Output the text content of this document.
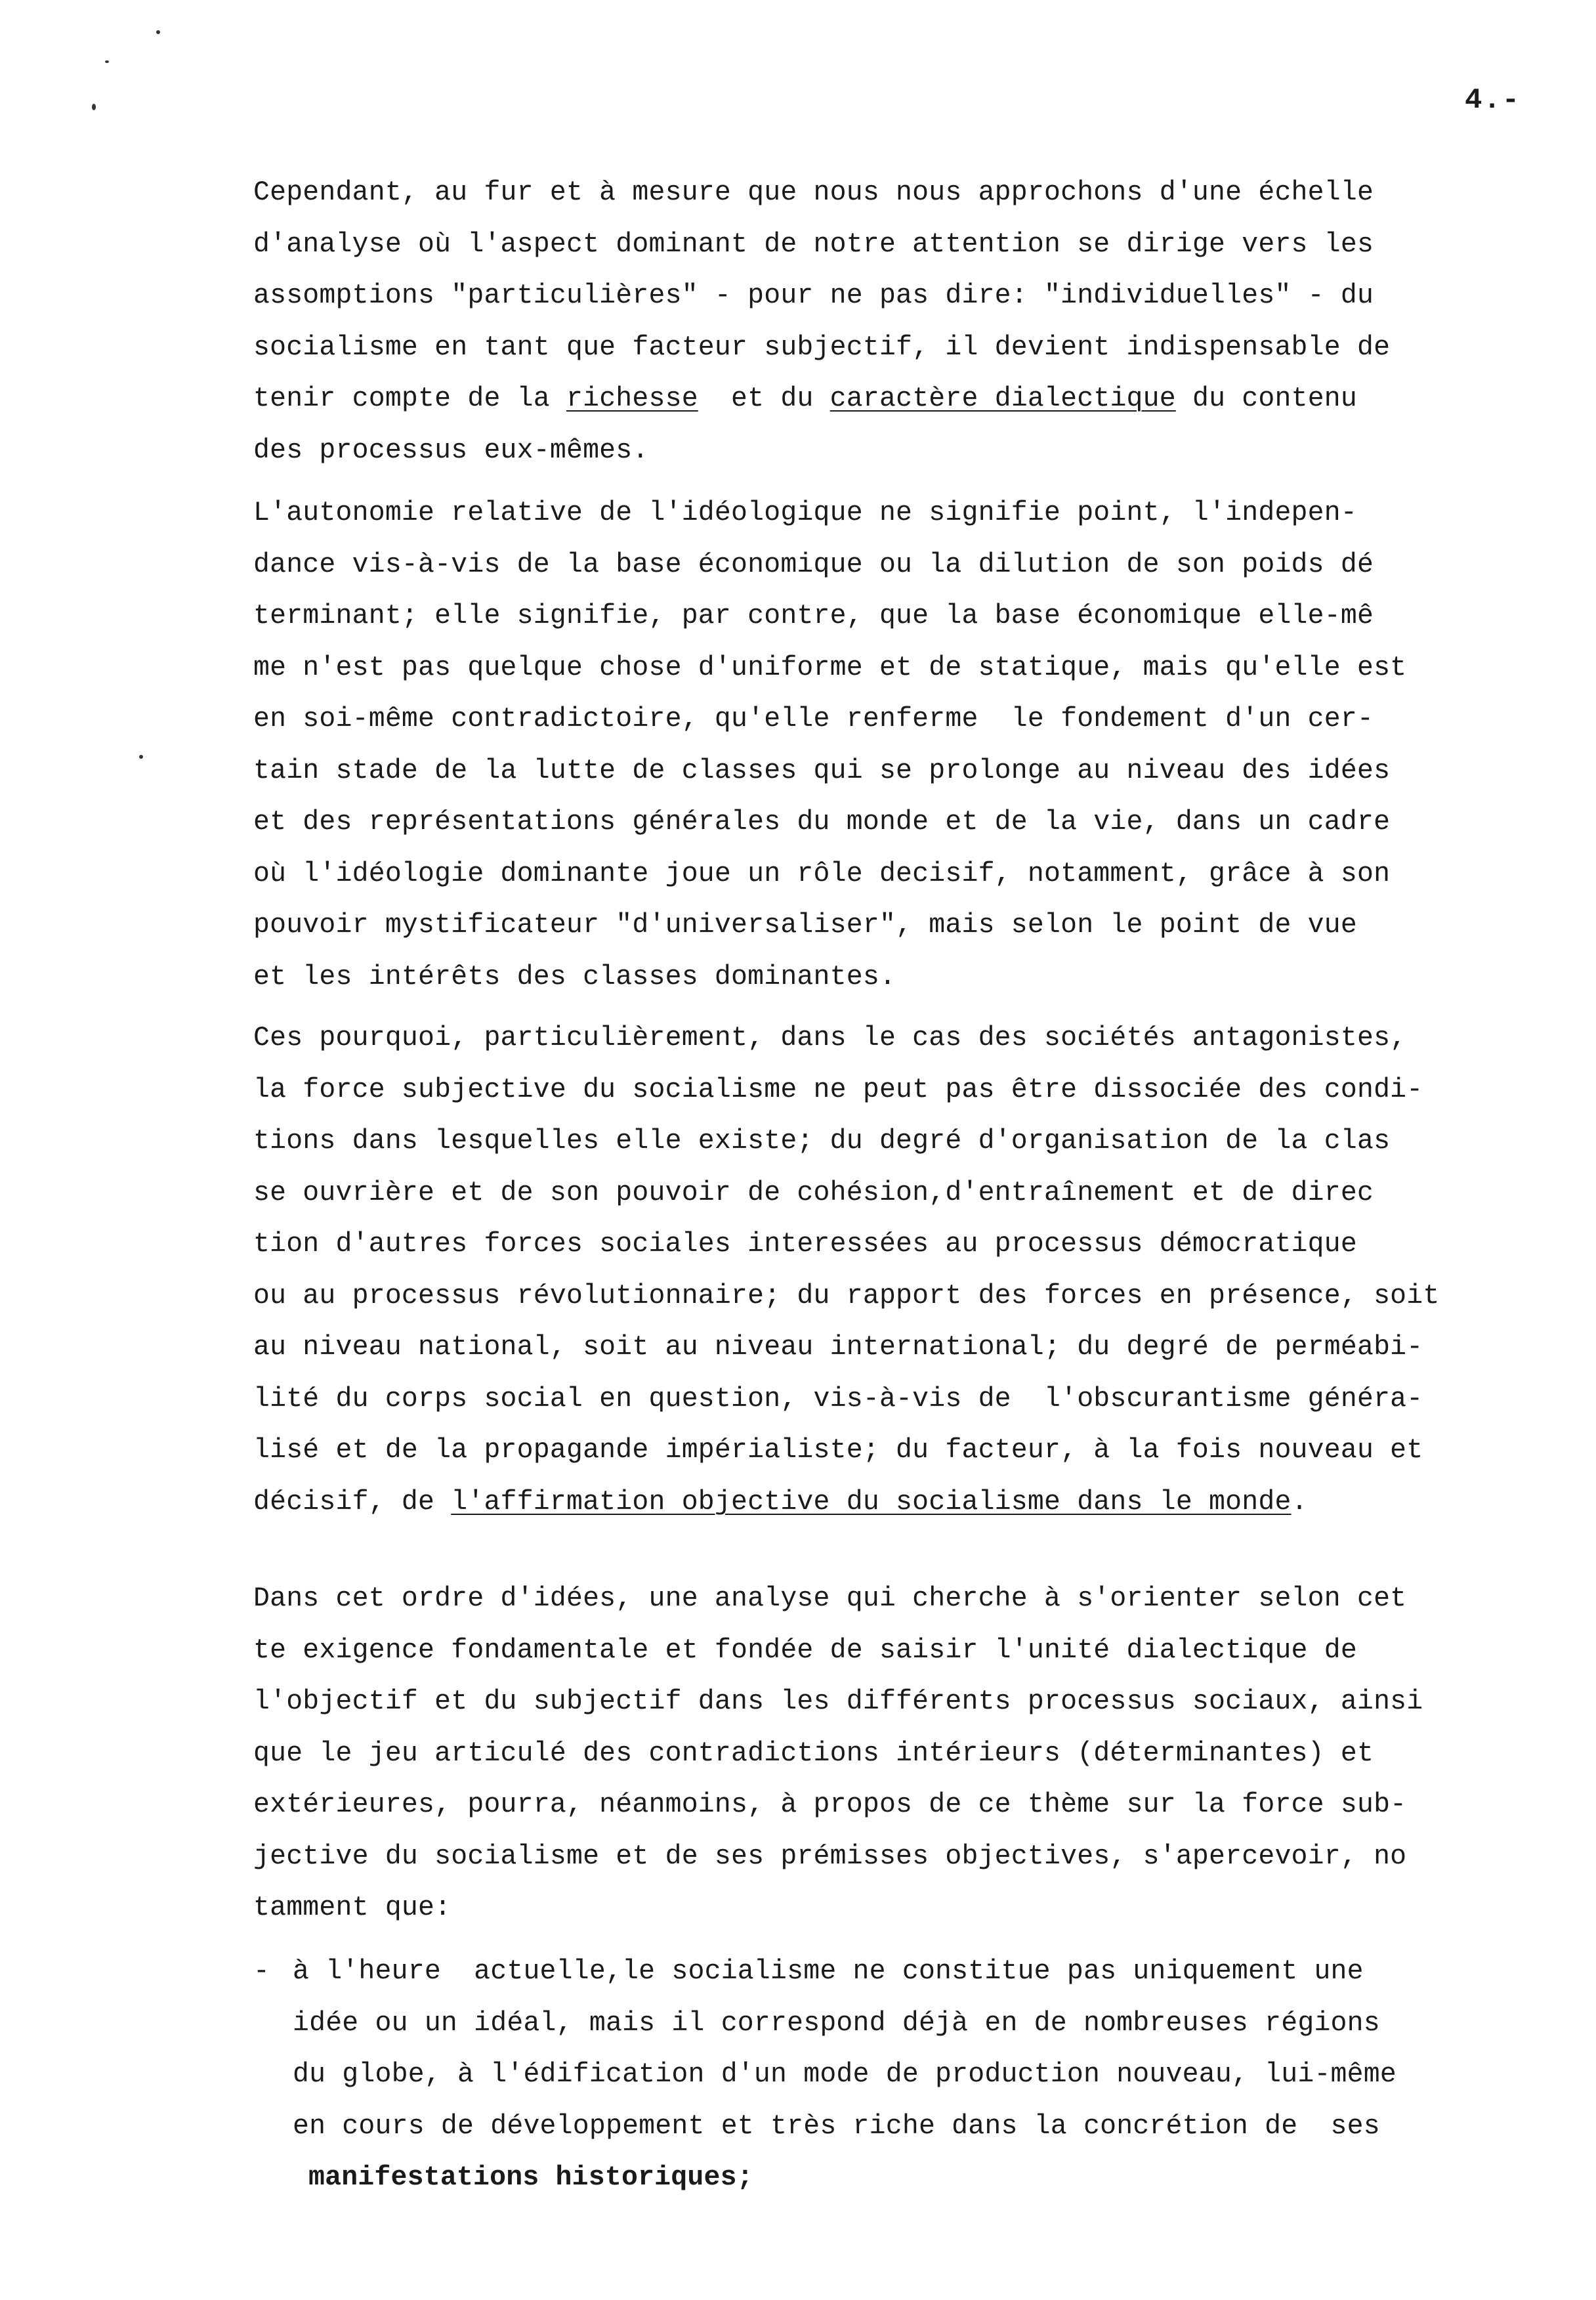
4.-

Cependant, au fur et à mesure que nous nous approchons d'une échelle
d'analyse où l'aspect dominant de notre attention se dirige vers les
assomptions "particulières" - pour ne pas dire: "individuelles" - du
socialisme en tant que facteur subjectif, il devient indispensable de
tenir compte de la richesse  et du caractère dialectique du contenu
des processus eux-mêmes.

L'autonomie relative de l'idéologique ne signifie point, l'indepen-
dance vis-à-vis de la base économique ou la dilution de son poids dé
terminant; elle signifie, par contre, que la base économique elle-mê
me n'est pas quelque chose d'uniforme et de statique, mais qu'elle est
en soi-même contradictoire, qu'elle renferme  le fondement d'un cer-
tain stade de la lutte de classes qui se prolonge au niveau des idées
et des représentations générales du monde et de la vie, dans un cadre
où l'idéologie dominante joue un rôle decisif, notamment, grâce à son
pouvoir mystificateur "d'universaliser", mais selon le point de vue
et les intérêts des classes dominantes.

Ces pourquoi, particulièrement, dans le cas des sociétés antagonistes,
la force subjective du socialisme ne peut pas être dissociée des condi-
tions dans lesquelles elle existe; du degré d'organisation de la clas
se ouvrière et de son pouvoir de cohésion,d'entraînement et de direc
tion d'autres forces sociales interessées au processus démocratique
ou au processus révolutionnaire; du rapport des forces en présence, soit
au niveau national, soit au niveau international; du degré de perméabi-
lité du corps social en question, vis-à-vis de  l'obscurantisme généra-
lisé et de la propagande impérialiste; du facteur, à la fois nouveau et
décisif, de l'affirmation objective du socialisme dans le monde.

Dans cet ordre d'idées, une analyse qui cherche à s'orienter selon cet
te exigence fondamentale et fondée de saisir l'unité dialectique de
l'objectif et du subjectif dans les différents processus sociaux, ainsi
que le jeu articulé des contradictions intérieurs (déterminantes) et
extérieures, pourra, néanmoins, à propos de ce thème sur la force sub-
jective du socialisme et de ses prémisses objectives, s'apercevoir, no
tamment que:

- à l'heure  actuelle,le socialisme ne constitue pas uniquement une
idée ou un idéal, mais il correspond déjà en de nombreuses régions
du globe, à l'édification d'un mode de production nouveau, lui-même
en cours de développement et très riche dans la concrétion de  ses
manifestations historiques;
